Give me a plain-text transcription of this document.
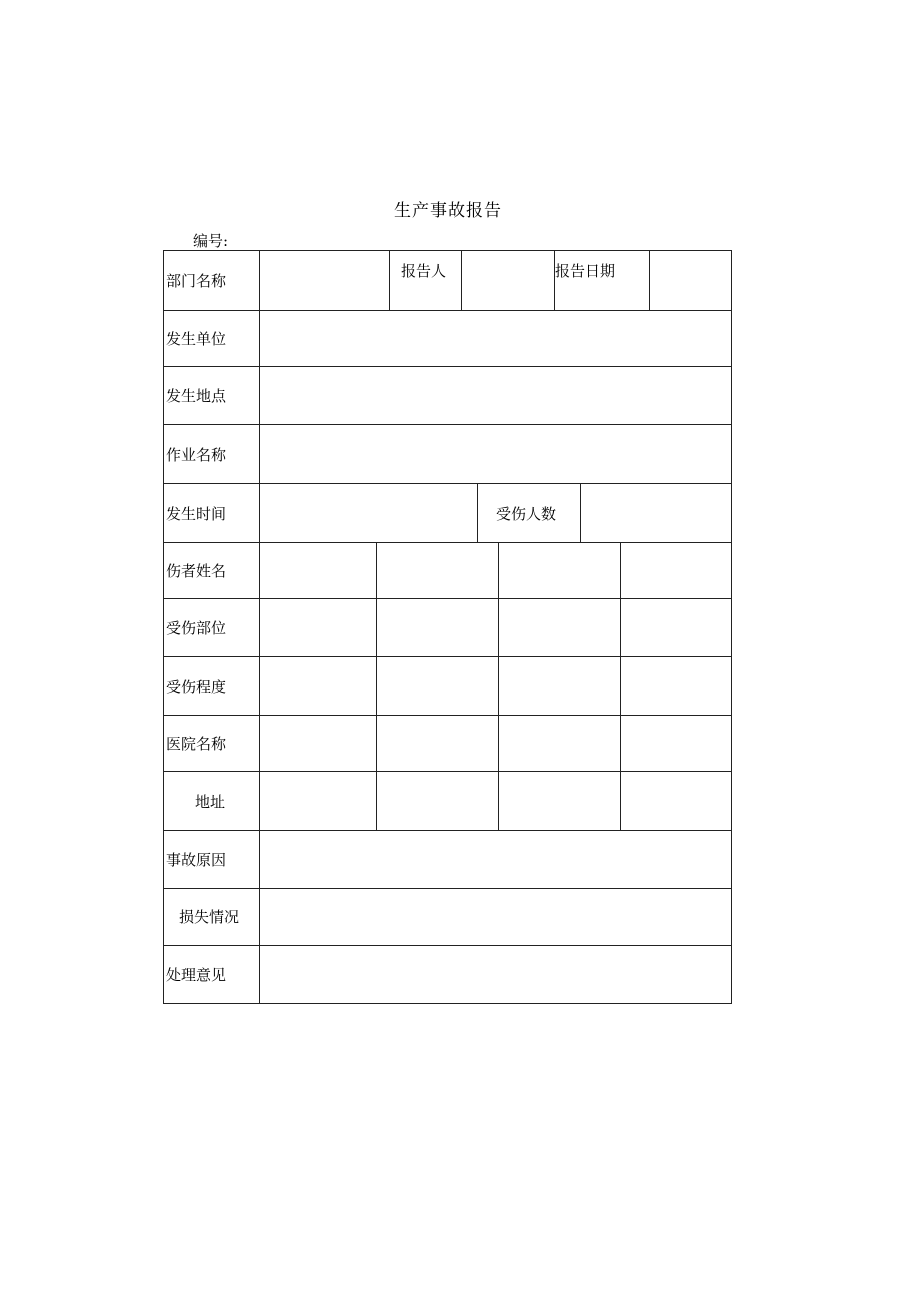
生产事故报告
编号:
部门名称
报告人	报告日期
发生单位
发生地点
作业名称
发生时间	受伤人数
伤者姓名
受伤部位
受伤程度
医院名称
地址
事故原因
损失情况
处理意见
